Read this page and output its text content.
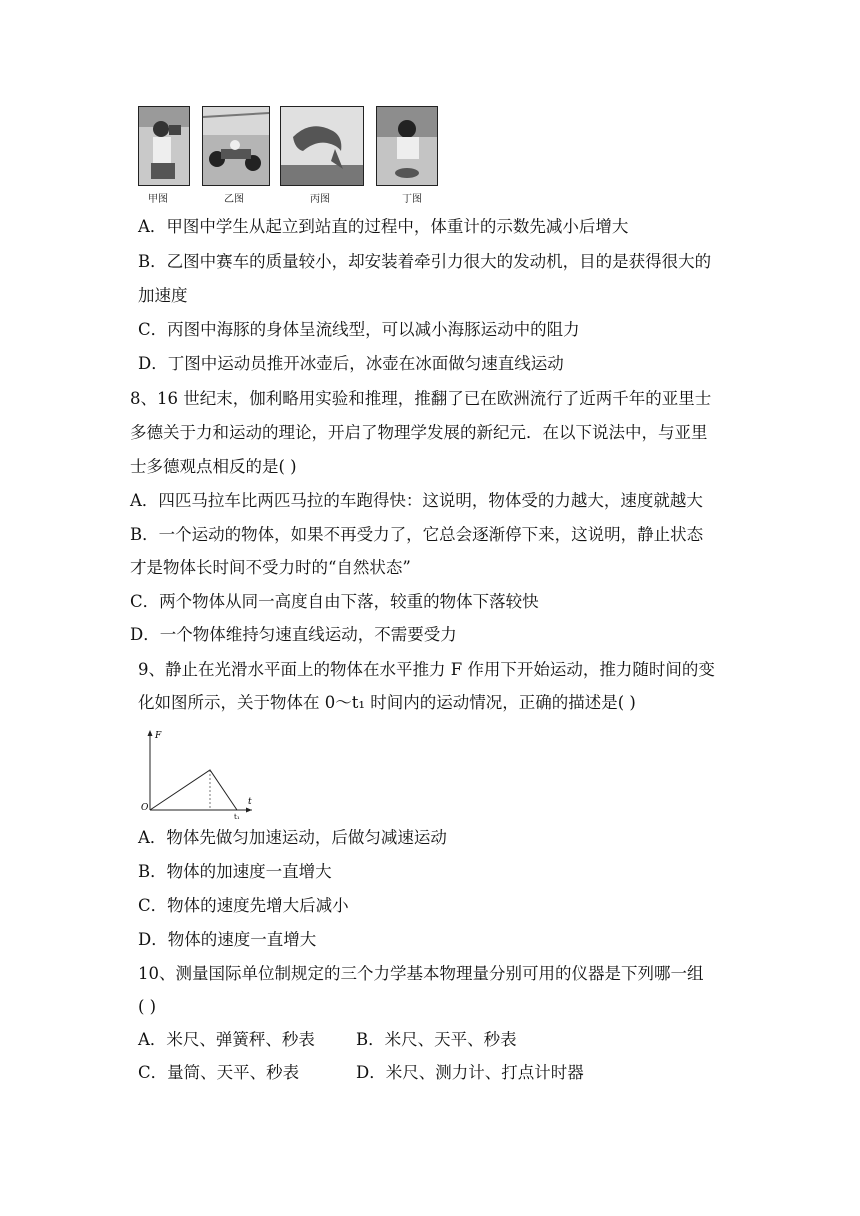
甲图	乙图	丙图	丁图
A．甲图中学生从起立到站直的过程中，体重计的示数先减小后增大
B．乙图中赛车的质量较小，却安装着牵引力很大的发动机，目的是获得很大的
加速度
C．丙图中海豚的身体呈流线型，可以减小海豚运动中的阻力
D．丁图中运动员推开冰壶后，冰壶在冰面做匀速直线运动
8、16 世纪末，伽利略用实验和推理，推翻了已在欧洲流行了近两千年的亚里士
多德关于力和运动的理论，开启了物理学发展的新纪元．在以下说法中，与亚里
士多德观点相反的是( )
A．四匹马拉车比两匹马拉的车跑得快：这说明，物体受的力越大，速度就越大
B．一个运动的物体，如果不再受力了，它总会逐渐停下来，这说明，静止状态
才是物体长时间不受力时的“自然状态”
C．两个物体从同一高度自由下落，较重的物体下落较快
D．一个物体维持匀速直线运动，不需要受力
9、静止在光滑水平面上的物体在水平推力 F 作用下开始运动，推力随时间的变
化如图所示，关于物体在 0～t₁ 时间内的运动情况，正确的描述是( )
F
t
O
t₁
A．物体先做匀加速运动，后做匀减速运动
B．物体的加速度一直增大
C．物体的速度先增大后减小
D．物体的速度一直增大
10、测量国际单位制规定的三个力学基本物理量分别可用的仪器是下列哪一组
( )
A．米尺、弹簧秤、秒表 B．米尺、天平、秒表
C．量筒、天平、秒表	D．米尺、测力计、打点计时器
